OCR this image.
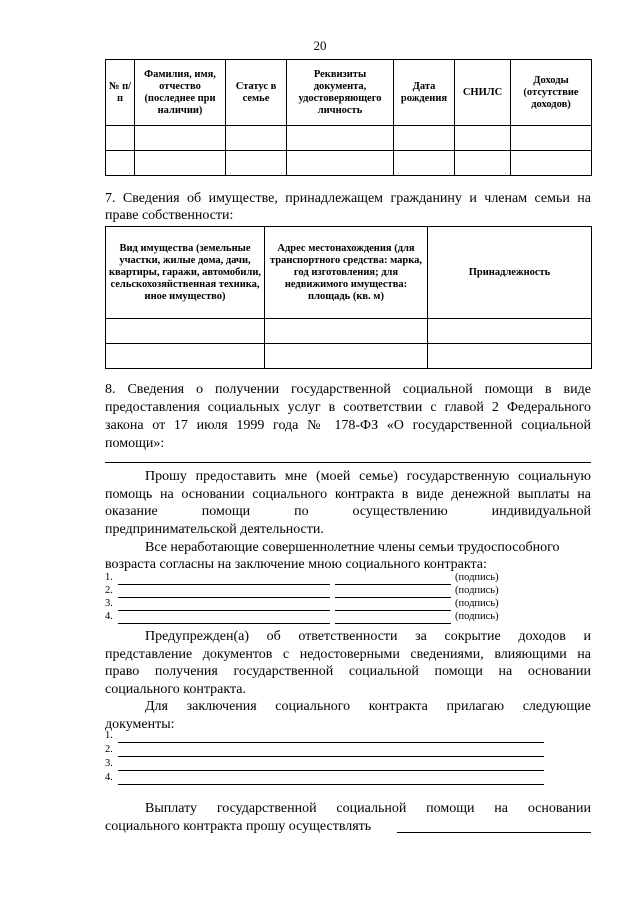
20
№ п/п	Фамилия, имя, отчество (последнее при наличии)	Статус в семье	Реквизиты документа, удостоверяющего личность	Дата рождения	СНИЛС	Доходы (отсутствие доходов)

7. Сведения об имуществе, принадлежащем гражданину и членам семьи на
праве собственности:
Вид имущества (земельные участки, жилые дома, дачи, квартиры, гаражи, автомобили, сельскохозяйственная техника, иное имущество)	Адрес местонахождения (для транспортного средства: марка, год изготовления; для недвижимого имущества: площадь (кв. м)	Принадлежность

8. Сведения о получении государственной социальной помощи в виде
предоставления социальных услуг в соответствии с главой 2 Федерального
закона от 17 июля 1999 года № 178-ФЗ «О государственной социальной
помощи»:
Прошу предоставить мне (моей семье) государственную социальную
помощь на основании социального контракта в виде денежной выплаты на
оказание помощи по осуществлению индивидуальной
предпринимательской деятельности.
Все неработающие совершеннолетние члены семьи трудоспособного
возраста согласны на заключение мною социального контракта:
1.	(подпись)
2.	(подпись)
3.	(подпись)
4.	(подпись)
Предупрежден(а) об ответственности за сокрытие доходов и
представление документов с недостоверными сведениями, влияющими на
право получения государственной социальной помощи на основании
социального контракта.
Для заключения социального контракта прилагаю следующие
документы:
1.
2.
3.
4.
Выплату государственной социальной помощи на основании
социального контракта прошу осуществлять
